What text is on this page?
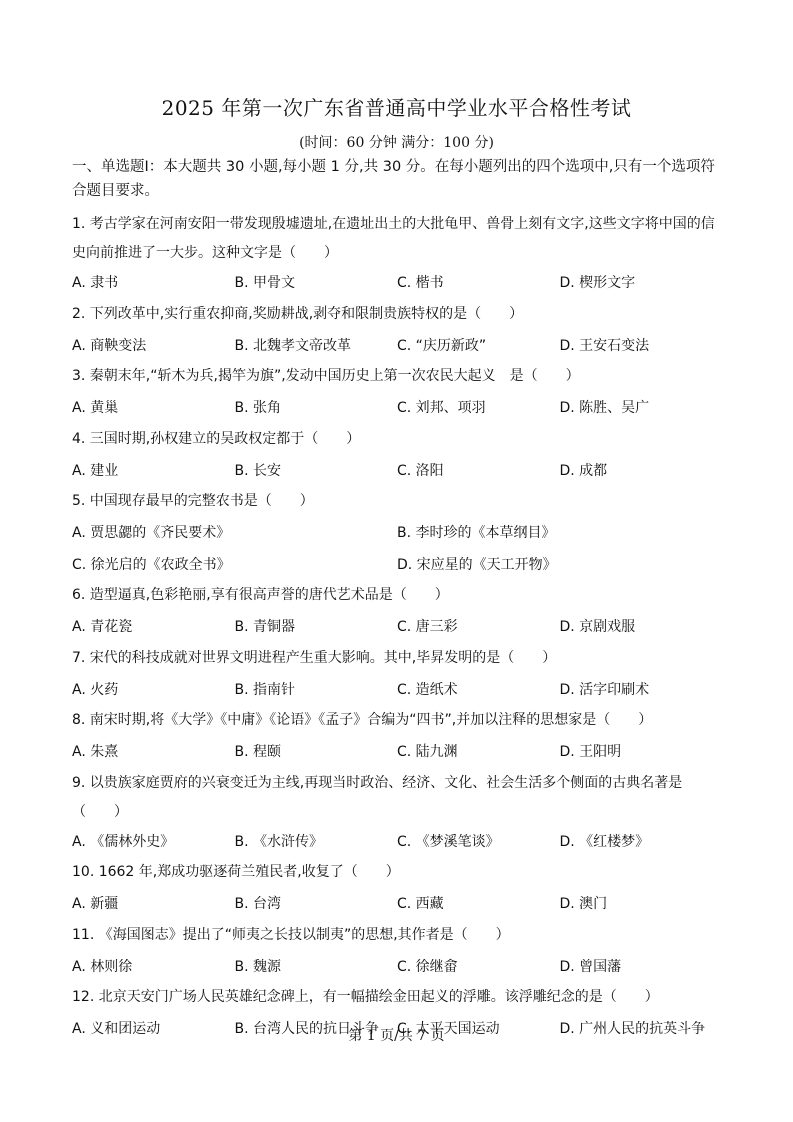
2025 年第一次广东省普通高中学业水平合格性考试
(时间：60 分钟 满分：100 分)
一、单选题Ⅰ：本大题共 30 小题,每小题 1 分,共 30 分。在每小题列出的四个选项中,只有一个选项符合题目要求。
1. 考古学家在河南安阳一带发现殷墟遗址,在遗址出土的大批龟甲、兽骨上刻有文字,这些文字将中国的信史向前推进了一大步。这种文字是（　　）
A. 隶书	B. 甲骨文	C. 楷书	D. 楔形文字
2. 下列改革中,实行重农抑商,奖励耕战,剥夺和限制贵族特权的是（　　）
A. 商鞅变法	B. 北魏孝文帝改革	C. “庆历新政”	D. 王安石变法
3. 秦朝末年,“斩木为兵,揭竿为旗”,发动中国历史上第一次农民大起义　是（　　）
A. 黄巢	B. 张角	C. 刘邦、项羽	D. 陈胜、吴广
4. 三国时期,孙权建立的吴政权定都于（　　）
A. 建业	B. 长安	C. 洛阳	D. 成都
5. 中国现存最早的完整农书是（　　）
A. 贾思勰的《齐民要术》	B. 李时珍的《本草纲目》
C. 徐光启的《农政全书》	D. 宋应星的《天工开物》
6. 造型逼真,色彩艳丽,享有很高声誉的唐代艺术品是（　　）
A. 青花瓷	B. 青铜器	C. 唐三彩	D. 京剧戏服
7. 宋代的科技成就对世界文明进程产生重大影响。其中,毕昇发明的是（　　）
A. 火药	B. 指南针	C. 造纸术	D. 活字印刷术
8. 南宋时期,将《大学》《中庸》《论语》《孟子》合编为“四书”,并加以注释的思想家是（　　）
A. 朱熹	B. 程颐	C. 陆九渊	D. 王阳明
9. 以贵族家庭贾府的兴衰变迁为主线,再现当时政治、经济、文化、社会生活多个侧面的古典名著是（　　）
A. 《儒林外史》	B. 《水浒传》	C. 《梦溪笔谈》	D. 《红楼梦》
10. 1662 年,郑成功驱逐荷兰殖民者,收复了（　　）
A. 新疆	B. 台湾	C. 西藏	D. 澳门
11. 《海国图志》提出了“师夷之长技以制夷”的思想,其作者是（　　）
A. 林则徐	B. 魏源	C. 徐继畲	D. 曾国藩
12. 北京天安门广场人民英雄纪念碑上，有一幅描绘金田起义的浮雕。该浮雕纪念的是（　　）
A. 义和团运动	B. 台湾人民的抗日斗争	C. 太平天国运动	D. 广州人民的抗英斗争
第 1 页/共 7 页
